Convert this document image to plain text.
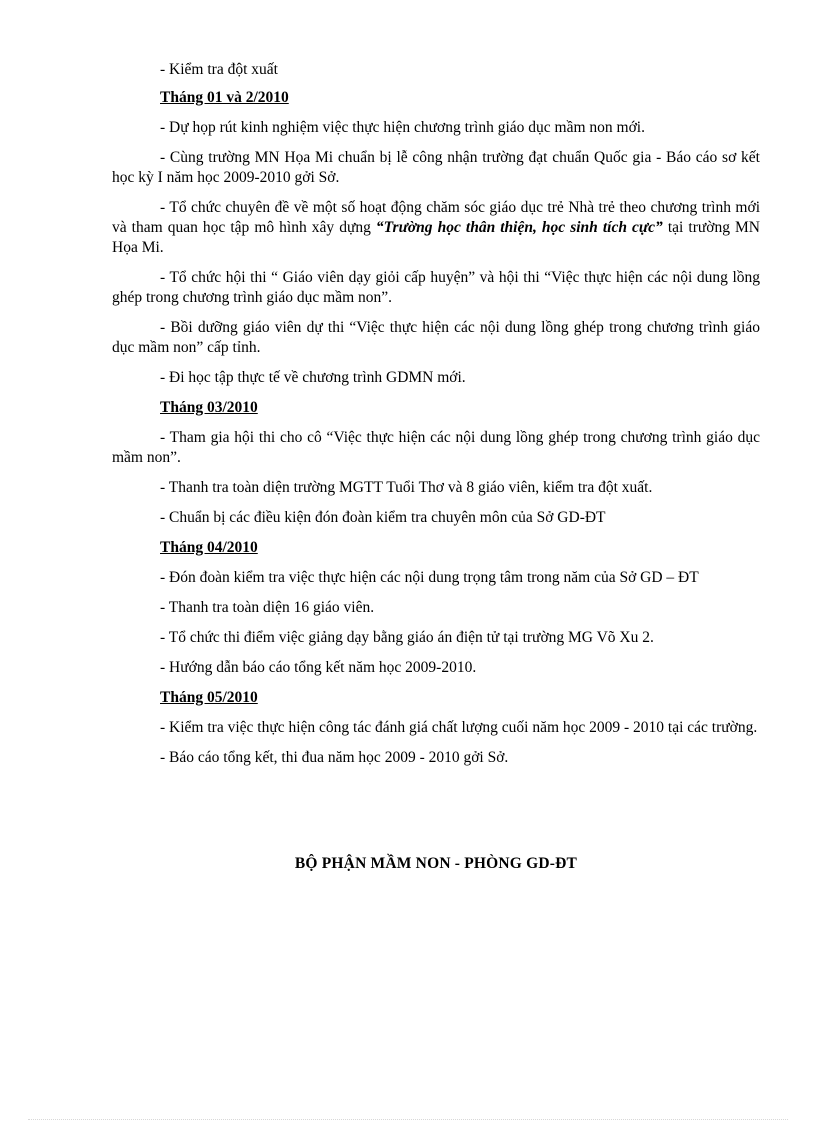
- Kiểm tra đột xuất

Tháng 01 và 2/2010

- Dự họp rút kinh nghiệm việc thực hiện chương trình giáo dục mầm non mới.

- Cùng trường MN Họa Mi chuẩn bị lễ công nhận trường đạt chuẩn Quốc gia - Báo cáo sơ kết học kỳ I năm học 2009-2010 gởi Sở.

- Tổ chức chuyên đề về một số hoạt động chăm sóc giáo dục trẻ Nhà trẻ theo chương trình mới và tham quan học tập mô hình xây dựng “Trường học thân thiện, học sinh tích cực” tại trường MN Họa Mi.

- Tổ chức hội thi “ Giáo viên dạy giỏi cấp huyện” và hội thi “Việc thực hiện các nội dung lồng ghép trong chương trình giáo dục mầm non”.

- Bồi dưỡng giáo viên dự thi “Việc thực hiện các nội dung lồng ghép trong chương trình giáo dục mầm non” cấp tỉnh.

- Đi học tập thực tế về chương trình GDMN mới.

Tháng 03/2010

- Tham gia hội thi cho cô “Việc thực hiện các nội dung lồng ghép trong chương trình giáo dục mầm non”.

- Thanh tra toàn diện trường MGTT Tuổi Thơ và 8 giáo viên, kiểm tra đột xuất.

- Chuẩn bị các điều kiện đón đoàn kiểm tra chuyên môn của Sở GD-ĐT

Tháng 04/2010

- Đón đoàn kiểm tra việc thực hiện các nội dung trọng tâm trong năm của Sở GD – ĐT

- Thanh tra toàn diện 16 giáo viên.

- Tổ chức thi điểm việc giảng dạy bằng giáo án điện tử tại trường MG Võ Xu 2.

- Hướng dẫn báo cáo tổng kết năm học 2009-2010.

Tháng 05/2010

- Kiểm tra việc thực hiện công tác đánh giá chất lượng cuối năm học 2009 - 2010 tại các trường.

- Báo cáo tổng kết, thi đua năm học 2009 - 2010 gởi Sở.

BỘ PHẬN MẦM NON - PHÒNG GD-ĐT
